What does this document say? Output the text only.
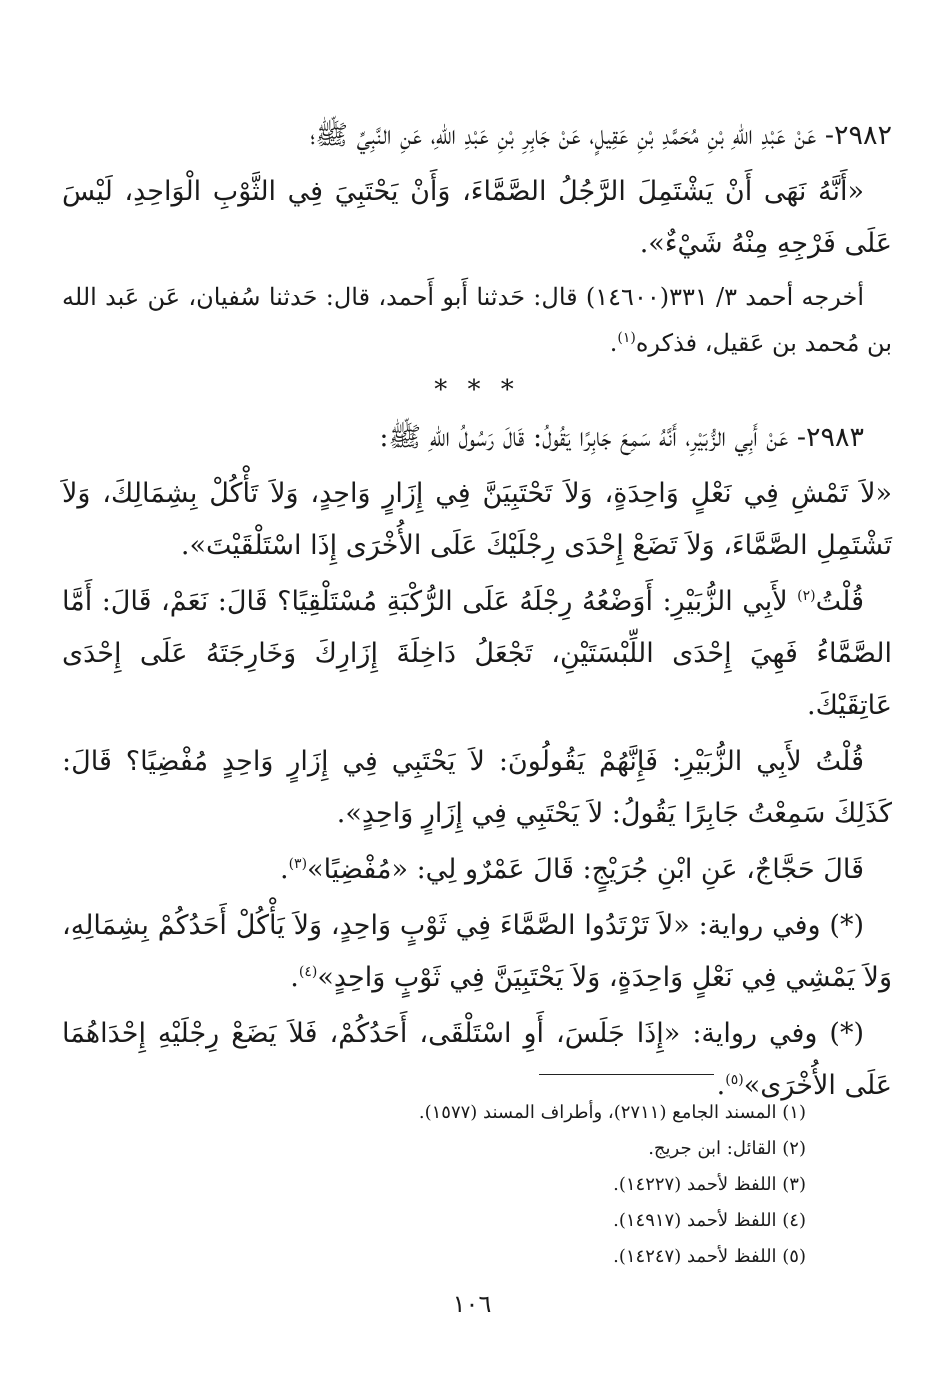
٢٩٨٢- عَنْ عَبْدِ اللهِ بْنِ مُحَمَّدِ بْنِ عَقِيلٍ، عَنْ جَابِرِ بْنِ عَبْدِ اللهِ، عَنِ النَّبِيِّ ﷺ؛

«أَنَّهُ نَهَى أَنْ يَشْتَمِلَ الرَّجُلُ الصَّمَّاءَ، وَأَنْ يَحْتَبِيَ فِي الثَّوْبِ الْوَاحِدِ، لَيْسَ عَلَى فَرْجِهِ مِنْهُ شَيْءٌ».

أخرجه أحمد ٣/ ٣٣١(١٤٦٠٠) قال: حَدثنا أَبو أَحمد، قال: حَدثنا سُفيان، عَن عَبد الله بن مُحمد بن عَقيل، فذكره$^{(١)}$.

* * *

٢٩٨٣- عَنْ أَبِي الزُّبَيْرِ، أَنَّهُ سَمِعَ جَابِرًا يَقُولُ: قَالَ رَسُولُ اللهِ ﷺ:

«لاَ تَمْشِ فِي نَعْلٍ وَاحِدَةٍ، وَلاَ تَحْتَبِيَنَّ فِي إِزَارٍ وَاحِدٍ، وَلاَ تَأْكُلْ بِشِمَالِكَ، وَلاَ تَشْتَمِلِ الصَّمَّاءَ، وَلاَ تَضَعْ إِحْدَى رِجْلَيْكَ عَلَى الأُخْرَى إِذَا اسْتَلْقَيْتَ».

قُلْتُ$^{(٢)}$ لأَبِي الزُّبَيْرِ: أَوَضْعُهُ رِجْلَهُ عَلَى الرُّكْبَةِ مُسْتَلْقِيًا؟ قَالَ: نَعَمْ، قَالَ: أَمَّا الصَّمَّاءُ فَهِيَ إِحْدَى اللِّبْسَتَيْنِ، تَجْعَلُ دَاخِلَةَ إِزَارِكَ وَخَارِجَتَهُ عَلَى إِحْدَى عَاتِقَيْكَ.

قُلْتُ لأَبِي الزُّبَيْرِ: فَإِنَّهُمْ يَقُولُونَ: لاَ يَحْتَبِي فِي إِزَارٍ وَاحِدٍ مُفْضِيًا؟ قَالَ: كَذَلِكَ سَمِعْتُ جَابِرًا يَقُولُ: لاَ يَحْتَبِي فِي إِزَارٍ وَاحِدٍ».

قَالَ حَجَّاجٌ، عَنِ ابْنِ جُرَيْجٍ: قَالَ عَمْرٌو لِي: «مُفْضِيًا»$^{(٣)}$.

(*) وفي رواية: «لاَ تَرْتَدُوا الصَّمَّاءَ فِي ثَوْبٍ وَاحِدٍ، وَلاَ يَأْكُلْ أَحَدُكُمْ بِشِمَالِهِ، وَلاَ يَمْشِي فِي نَعْلٍ وَاحِدَةٍ، وَلاَ يَحْتَبِيَنَّ فِي ثَوْبٍ وَاحِدٍ»$^{(٤)}$.

(*) وفي رواية: «إِذَا جَلَسَ، أَوِ اسْتَلْقَى، أَحَدُكُمْ، فَلاَ يَضَعْ رِجْلَيْهِ إِحْدَاهُمَا عَلَى الأُخْرَى»$^{(٥)}$.

(١) المسند الجامع (٢٧١١)، وأطراف المسند (١٥٧٧).
(٢) القائل: ابن جريج.
(٣) اللفظ لأحمد (١٤٢٢٧).
(٤) اللفظ لأحمد (١٤٩١٧).
(٥) اللفظ لأحمد (١٤٢٤٧).
١٠٦
